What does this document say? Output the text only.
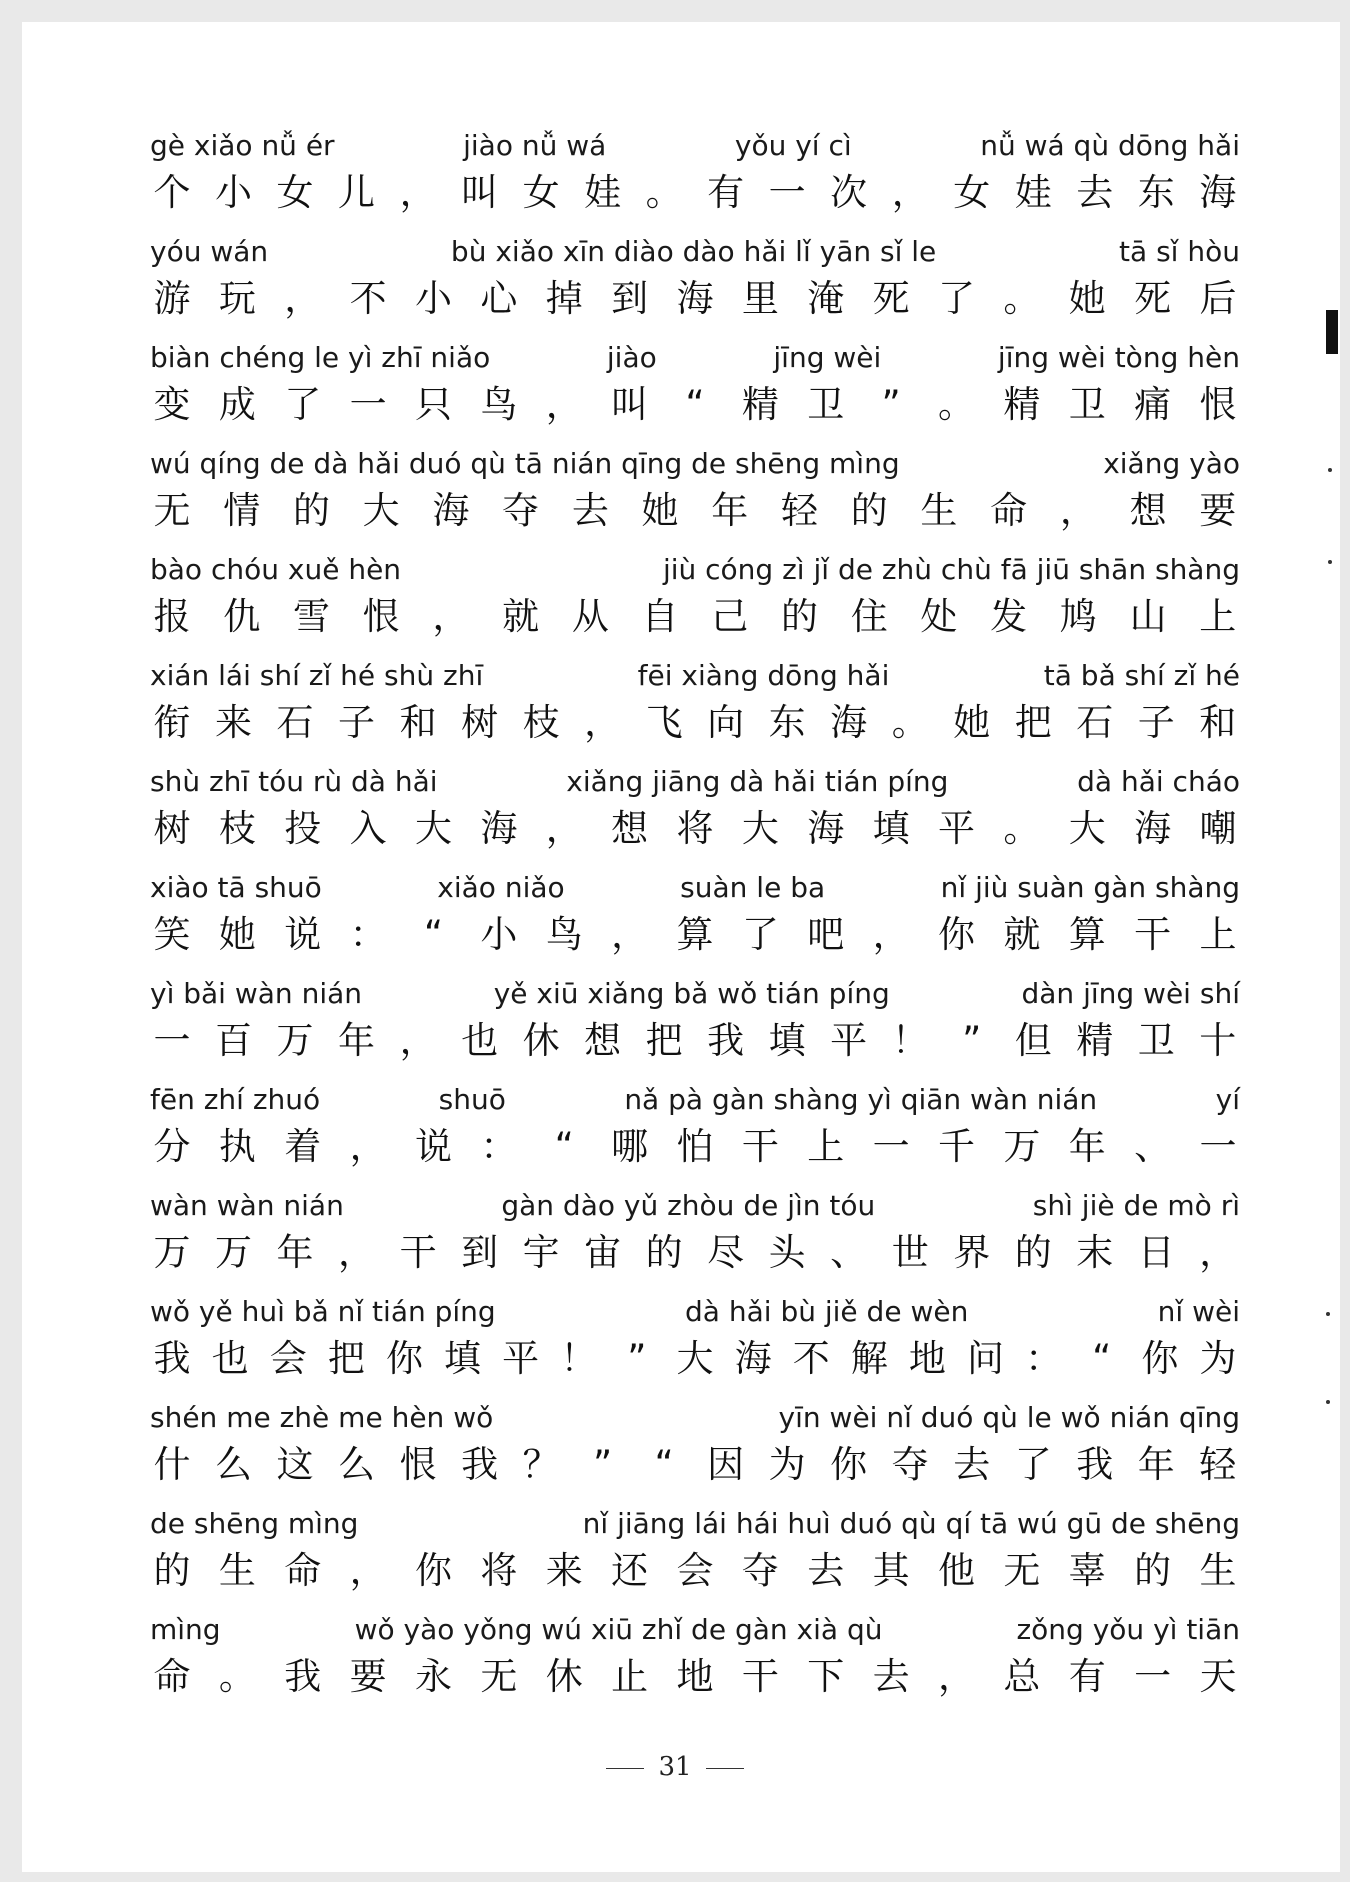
gè xiǎo nǚ ér	jiào nǚ wá	yǒu yí cì	nǚ wá qù dōng hǎi
个 小 女 儿 ， 叫 女 娃 。 有 一 次 ， 女 娃 去 东 海
yóu wán	bù xiǎo xīn diào dào hǎi lǐ yān sǐ le	tā sǐ hòu
游 玩 ， 不 小 心 掉 到 海 里 淹 死 了 。 她 死 后
biàn chéng le yì zhī niǎo	jiào	jīng wèi	jīng wèi tòng hèn
变 成 了 一 只 鸟 ， 叫	“	精 卫	”	。 精 卫 痛 恨
wú qíng de dà hǎi duó qù tā nián qīng de shēng mìng	xiǎng yào
无 情 的 大 海 夺 去 她 年 轻 的 生 命 ， 想 要
bào chóu xuě hèn	jiù cóng zì jǐ de zhù chù fā jiū shān shàng
报 仇 雪 恨 ， 就 从 自 己 的 住 处 发 鸠 山 上
xián lái shí zǐ hé shù zhī	fēi xiàng dōng hǎi	tā bǎ shí zǐ hé
衔 来 石 子 和 树 枝 ， 飞 向 东 海 。 她 把 石 子 和
shù zhī tóu rù dà hǎi	xiǎng jiāng dà hǎi tián píng	dà hǎi cháo
树 枝 投 入 大 海 ， 想 将 大 海 填 平 。 大 海 嘲
xiào tā shuō	xiǎo niǎo	suàn le ba	nǐ jiù suàn gàn shàng
笑 她 说 ：	“	小 鸟 ， 算 了 吧 ， 你 就 算 干 上
yì bǎi wàn nián	yě xiū xiǎng bǎ wǒ tián píng	dàn jīng wèi shí
一 百 万 年 ， 也 休 想 把 我 填 平 ！ ” 但 精 卫 十
fēn zhí zhuó	shuō	nǎ pà gàn shàng yì qiān wàn nián	yí
分 执 着 ， 说 ：	“	哪 怕 干 上 一 千 万 年 、 一
wàn wàn nián	gàn dào yǔ zhòu de jìn tóu	shì jiè de mò rì
万 万 年 ， 干 到 宇 宙 的 尽 头 、 世 界 的 末 日 ，
wǒ yě huì bǎ nǐ tián píng	dà hǎi bù jiě de wèn	nǐ wèi
我 也 会 把 你 填 平 ！ ” 大 海 不 解 地 问 ： “ 你 为
shén me zhè me hèn wǒ	yīn wèi nǐ duó qù le wǒ nián qīng
什 么 这 么 恨 我 ？ ”	“ 因 为 你 夺 去 了 我 年 轻
de shēng mìng	nǐ jiāng lái hái huì duó qù qí tā wú gū de shēng
的 生 命 ， 你 将 来 还 会 夺 去 其 他 无 辜 的 生
mìng	wǒ yào yǒng wú xiū zhǐ de gàn xià qù	zǒng yǒu yì tiān
命 。 我 要 永 无 休 止 地 干 下 去 ， 总 有 一 天
31
